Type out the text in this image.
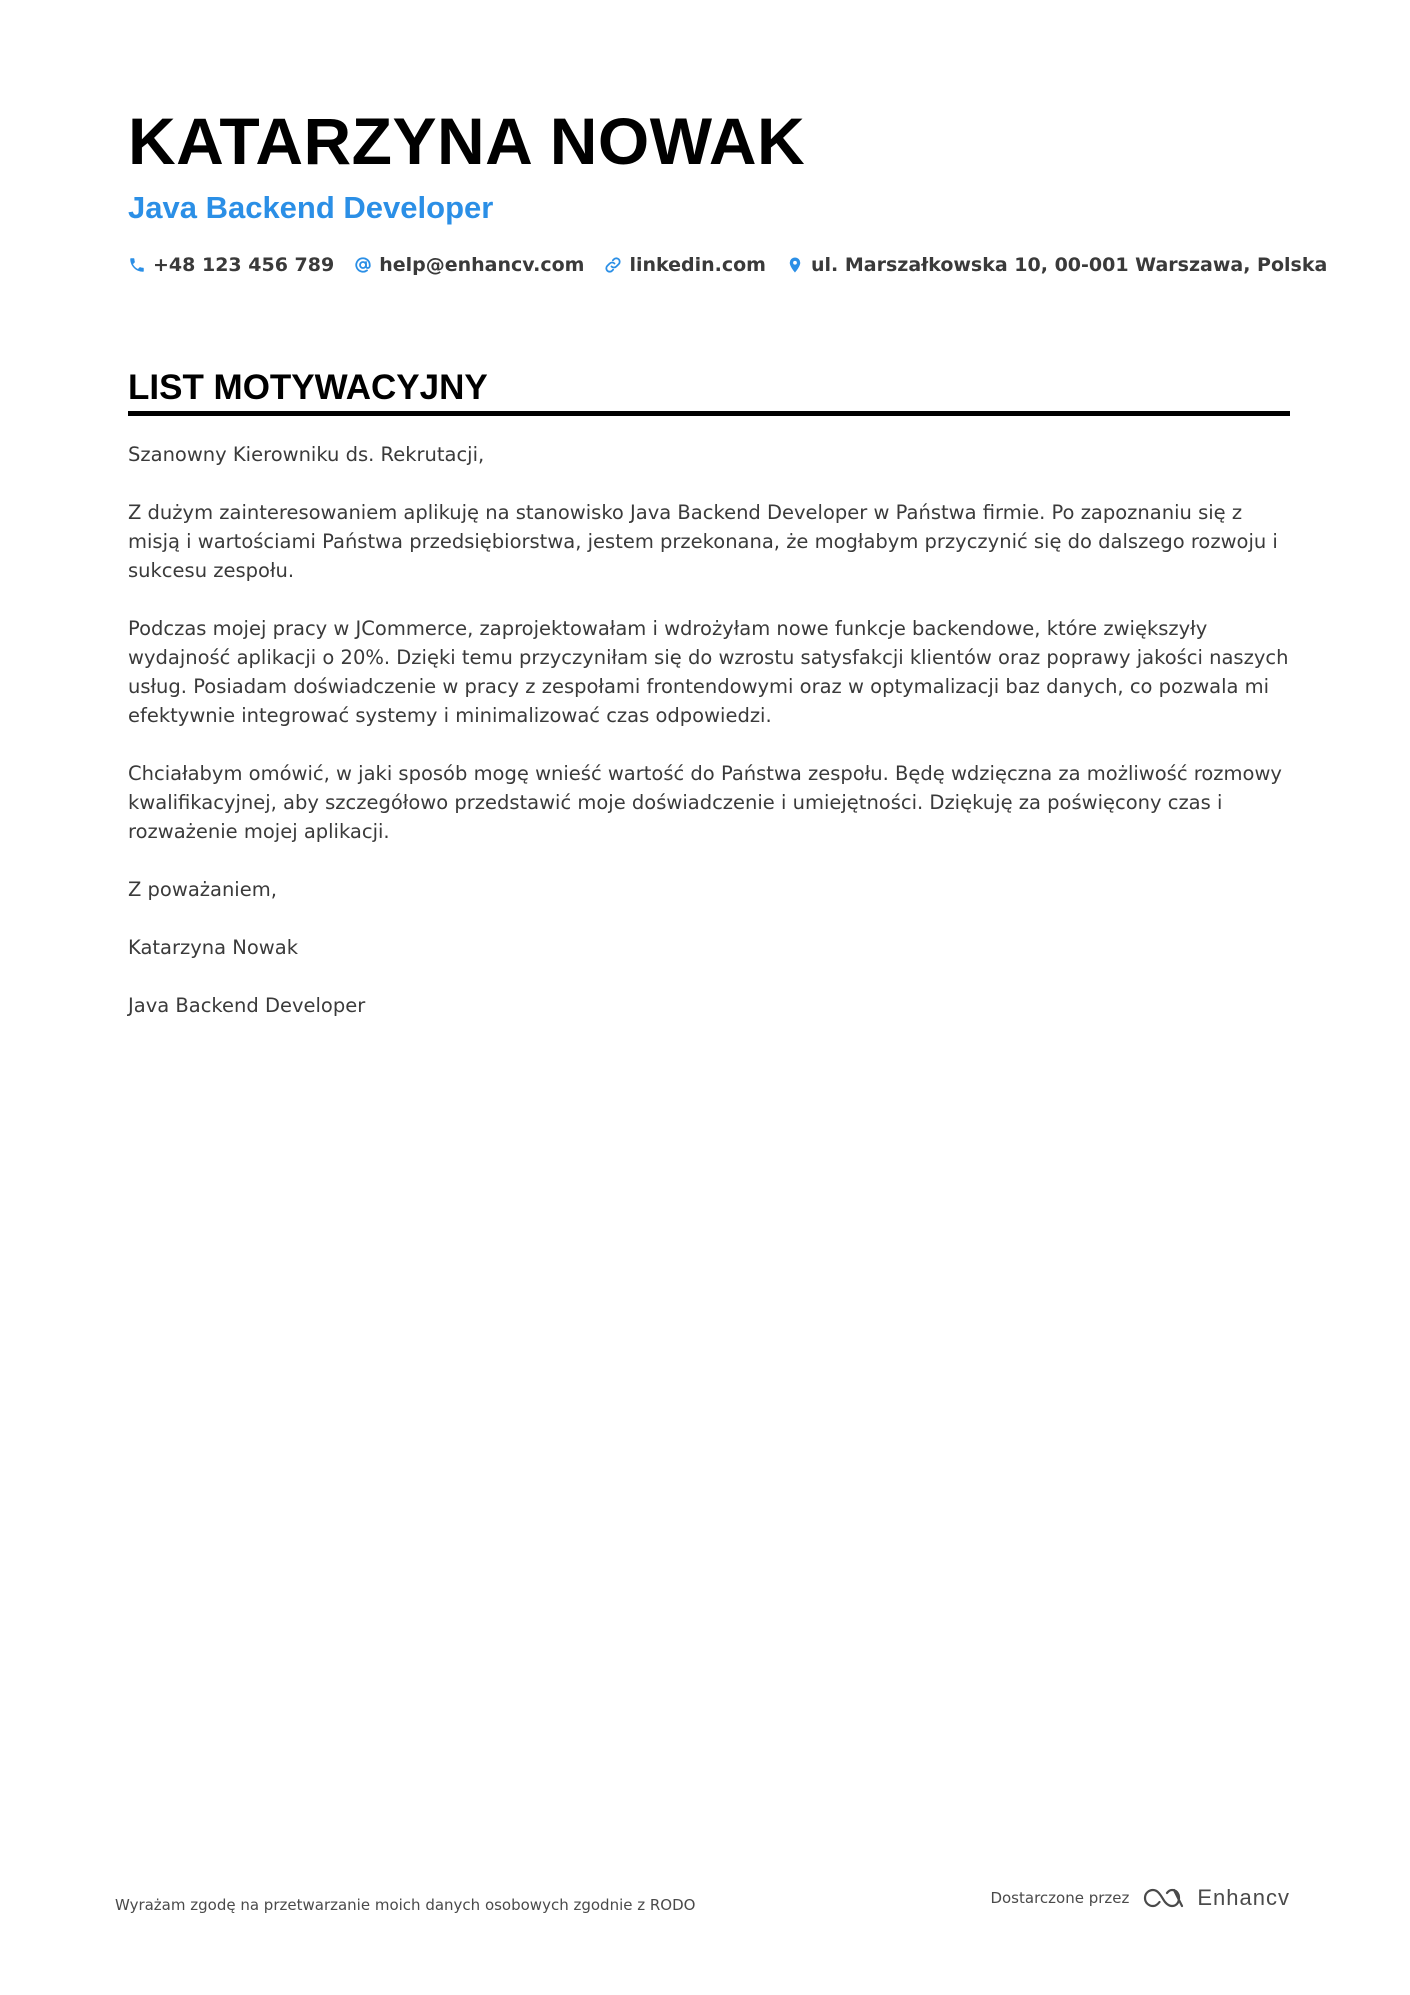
KATARZYNA NOWAK
Java Backend Developer
+48 123 456 789 help@enhancv.com linkedin.com ul. Marszałkowska 10, 00-001 Warszawa, Polska
LIST MOTYWACYJNY

Szanowny Kierowniku ds. Rekrutacji,

Z dużym zainteresowaniem aplikuję na stanowisko Java Backend Developer w Państwa firmie. Po zapoznaniu się z misją i wartościami Państwa przedsiębiorstwa, jestem przekonana, że mogłabym przyczynić się do dalszego rozwoju i sukcesu zespołu.

Podczas mojej pracy w JCommerce, zaprojektowałam i wdrożyłam nowe funkcje backendowe, które zwiększyły wydajność aplikacji o 20%. Dzięki temu przyczyniłam się do wzrostu satysfakcji klientów oraz poprawy jakości naszych usług. Posiadam doświadczenie w pracy z zespołami frontendowymi oraz w optymalizacji baz danych, co pozwala mi efektywnie integrować systemy i minimalizować czas odpowiedzi.

Chciałabym omówić, w jaki sposób mogę wnieść wartość do Państwa zespołu. Będę wdzięczna za możliwość rozmowy kwalifikacyjnej, aby szczegółowo przedstawić moje doświadczenie i umiejętności. Dziękuję za poświęcony czas i rozważenie mojej aplikacji.

Z poważaniem,

Katarzyna Nowak

Java Backend Developer

Wyrażam zgodę na przetwarzanie moich danych osobowych zgodnie z RODO	Dostarczone przez	Enhancv
